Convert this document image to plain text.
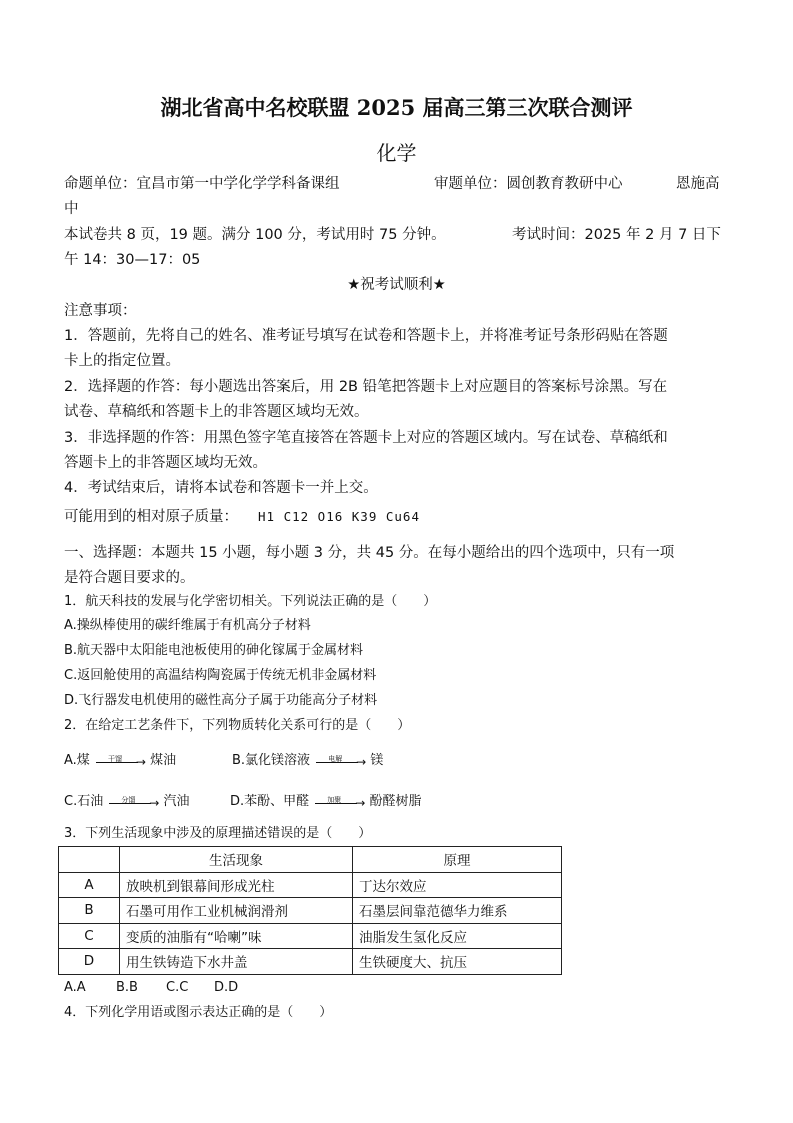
湖北省高中名校联盟 2025 届高三第三次联合测评
化学
命题单位：宜昌市第一中学化学学科备课组	审题单位：圆创教育教研中心	恩施高
中
本试卷共 8 页，19 题。满分 100 分，考试用时 75 分钟。	考试时间：2025 年 2 月 7 日下
午 14：30—17：05
★祝考试顺利★
注意事项：
1．答题前，先将自己的姓名、准考证号填写在试卷和答题卡上，并将准考证号条形码贴在答题
卡上的指定位置。
2．选择题的作答：每小题选出答案后，用 2B 铅笔把答题卡上对应题目的答案标号涂黑。写在
试卷、草稿纸和答题卡上的非答题区域均无效。
3．非选择题的作答：用黑色签字笔直接答在答题卡上对应的答题区域内。写在试卷、草稿纸和
答题卡上的非答题区域均无效。
4．考试结束后，请将本试卷和答题卡一并上交。
可能用到的相对原子质量： H1 C12 O16 K39 Cu64
一、选择题：本题共 15 小题，每小题 3 分，共 45 分。在每小题给出的四个选项中，只有一项
是符合题目要求的。
1．航天科技的发展与化学密切相关。下列说法正确的是（　　）
A.操纵棒使用的碳纤维属于有机高分子材料
B.航天器中太阳能电池板使用的砷化镓属于金属材料
C.返回舱使用的高温结构陶瓷属于传统无机非金属材料
D.飞行器发电机使用的磁性高分子属于功能高分子材料
2．在给定工艺条件下，下列物质转化关系可行的是（　　）
A.煤	干馏 → 煤油	B.氯化镁溶液	电解 → 镁
C.石油	分馏 → 汽油	D.苯酚、甲醛	加聚 → 酚醛树脂
3．下列生活现象中涉及的原理描述错误的是（　　）
	生活现象	原理
A	放映机到银幕间形成光柱	丁达尔效应
B	石墨可用作工业机械润滑剂	石墨层间靠范德华力维系
C	变质的油脂有“哈喇”味	油脂发生氢化反应
D	用生铁铸造下水井盖	生铁硬度大、抗压
A.A B.B C.C D.D
4．下列化学用语或图示表达正确的是（　　）
